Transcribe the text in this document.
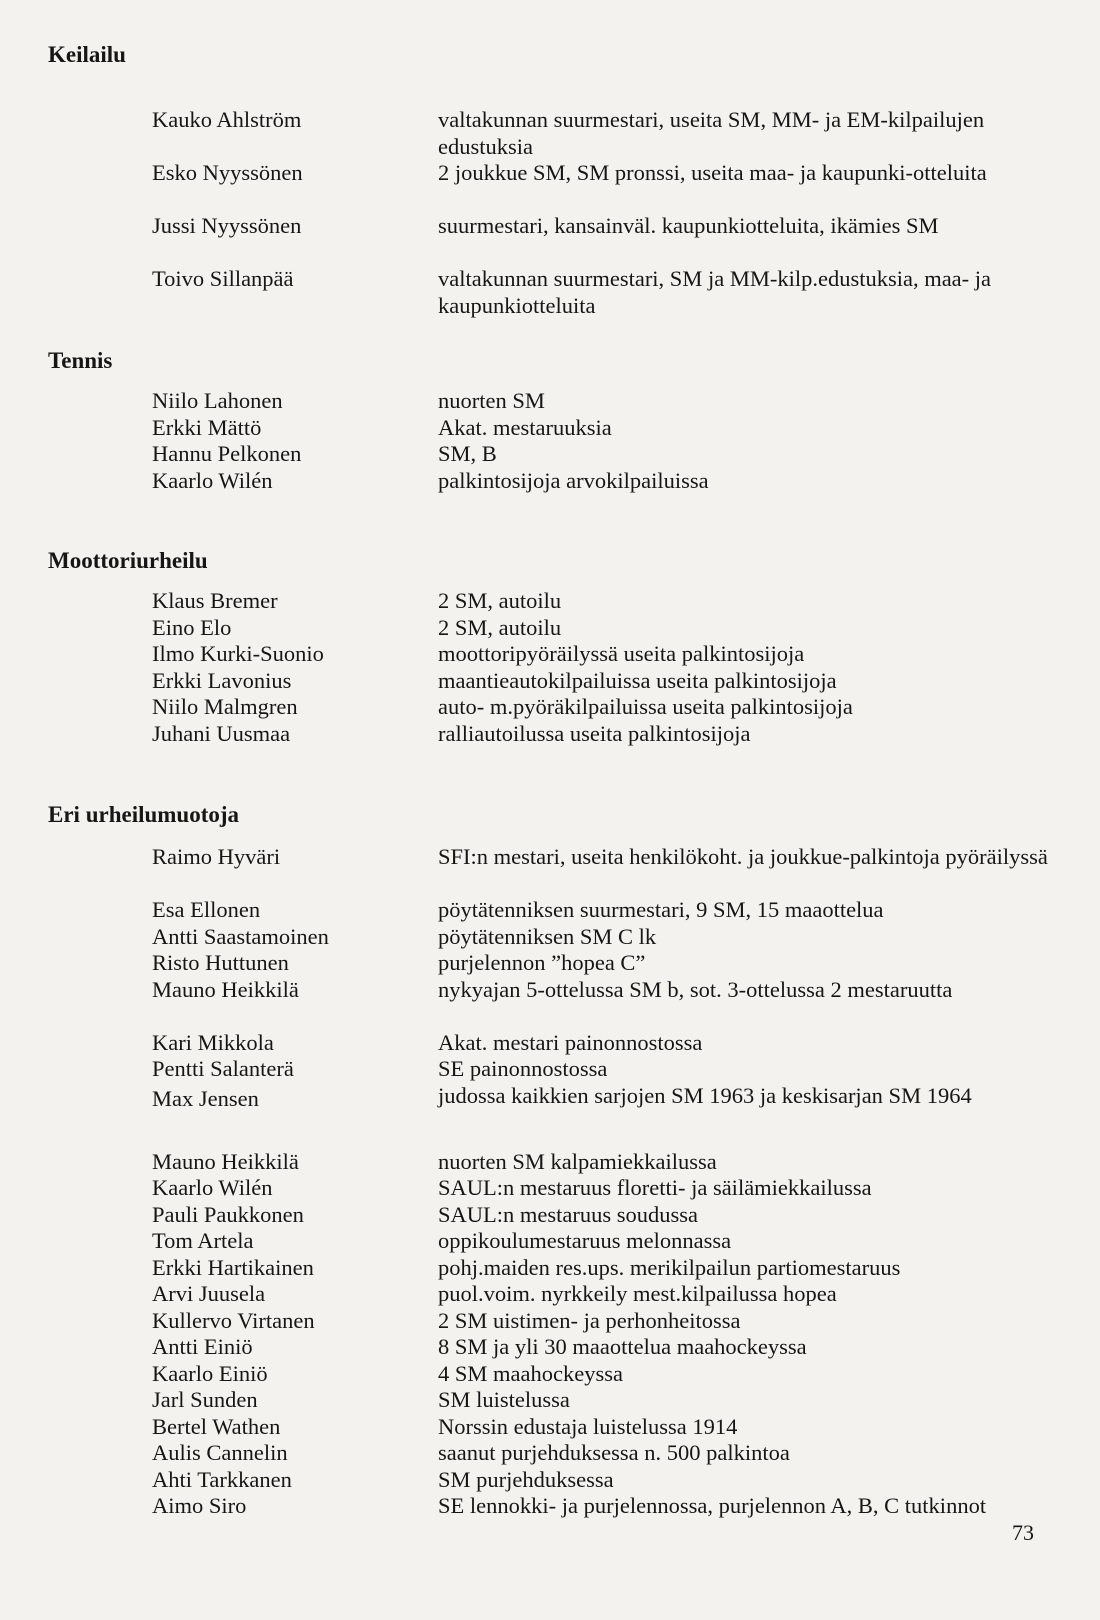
Keilailu
Kauko Ahlström	valtakunnan suurmestari, useita SM, MM- ja EM-kilpailujen edustuksia
Esko Nyyssönen	2 joukkue SM, SM pronssi, useita maa- ja kaupunki-otteluita
Jussi Nyyssönen	suurmestari, kansainväl. kaupunkiotteluita, ikämies SM
Toivo Sillanpää	valtakunnan suurmestari, SM ja MM-kilp.edustuksia, maa- ja kaupunkiotteluita
Tennis
Niilo Lahonen	nuorten SM
Erkki Mättö	Akat. mestaruuksia
Hannu Pelkonen	SM, B
Kaarlo Wilén	palkintosijoja arvokilpailuissa
Moottoriurheilu
Klaus Bremer	2 SM, autoilu
Eino Elo	2 SM, autoilu
Ilmo Kurki-Suonio	moottoripyöräilyssä useita palkintosijoja
Erkki Lavonius	maantieautokilpailuissa useita palkintosijoja
Niilo Malmgren	auto- m.pyöräkilpailuissa useita palkintosijoja
Juhani Uusmaa	ralliautoilussa useita palkintosijoja
Eri urheilumuotoja
Raimo Hyväri	SFI:n mestari, useita henkilökoht. ja joukkue-palkintoja pyöräilyssä
Esa Ellonen	pöytätenniksen suurmestari, 9 SM, 15 maaottelua
Antti Saastamoinen	pöytätenniksen SM C lk
Risto Huttunen	purjelennon ”hopea C”
Mauno Heikkilä	nykyajan 5-ottelussa SM b, sot. 3-ottelussa 2 mestaruutta
Kari Mikkola	Akat. mestari painonnostossa
Pentti Salanterä	SE painonnostossa
Max Jensen	judossa kaikkien sarjojen SM 1963 ja keskisarjan SM 1964
Mauno Heikkilä	nuorten SM kalpamiekkailussa
Kaarlo Wilén	SAUL:n mestaruus floretti- ja säilämiekkailussa
Pauli Paukkonen	SAUL:n mestaruus soudussa
Tom Artela	oppikoulumestaruus melonnassa
Erkki Hartikainen	pohj.maiden res.ups. merikilpailun partiomestaruus
Arvi Juusela	puol.voim. nyrkkeily mest.kilpailussa hopea
Kullervo Virtanen	2 SM uistimen- ja perhonheitossa
Antti Einiö	8 SM ja yli 30 maaottelua maahockeyssa
Kaarlo Einiö	4 SM maahockeyssa
Jarl Sunden	SM luistelussa
Bertel Wathen	Norssin edustaja luistelussa 1914
Aulis Cannelin	saanut purjehduksessa n. 500 palkintoa
Ahti Tarkkanen	SM purjehduksessa
Aimo Siro	SE lennokki- ja purjelennossa, purjelennon A, B, C tutkinnot
73
